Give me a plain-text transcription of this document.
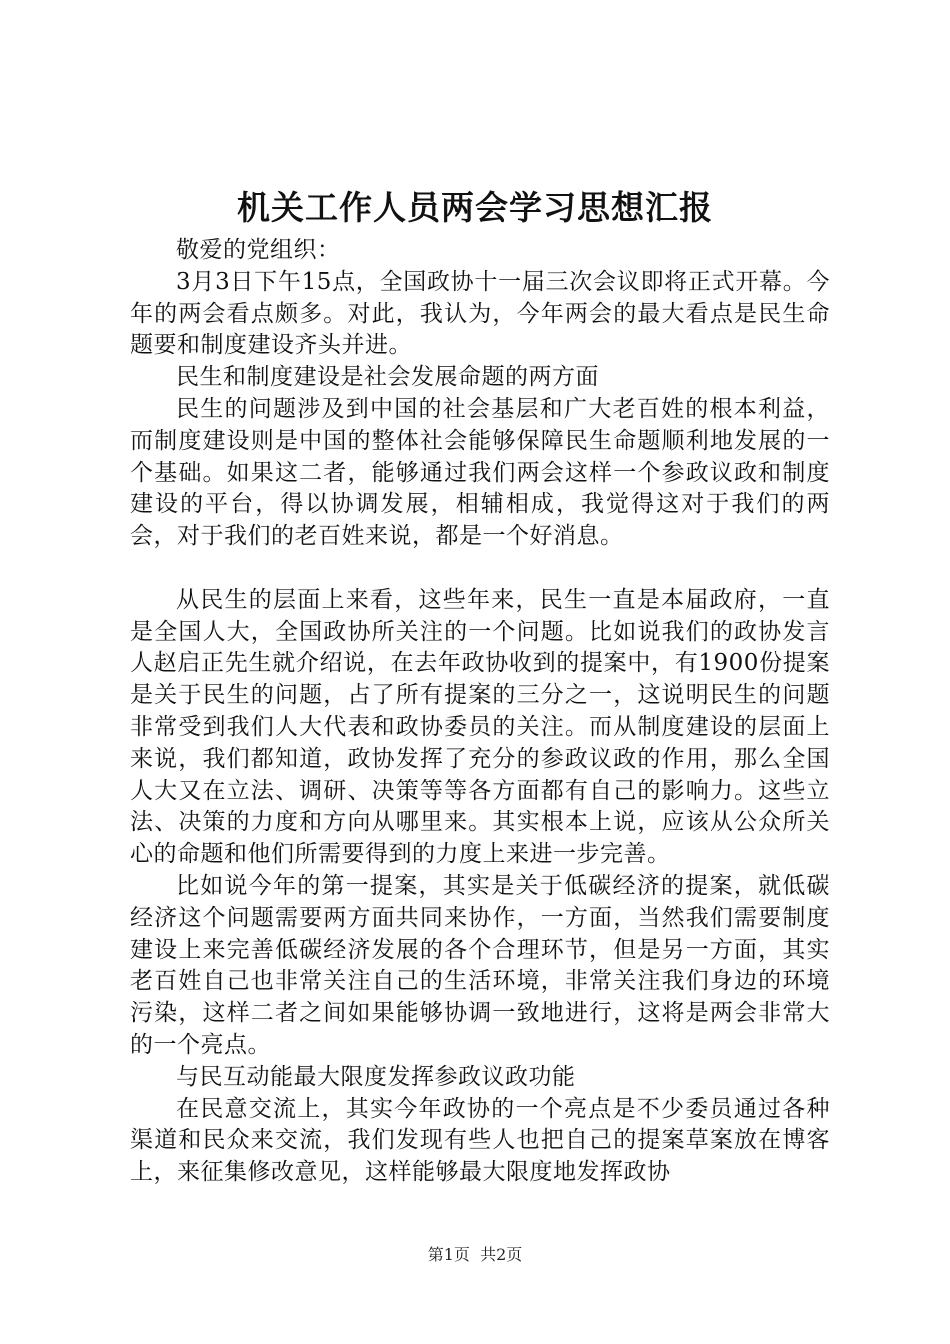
机关工作人员两会学习思想汇报

敬爱的党组织：

3月3日下午15点，全国政协十一届三次会议即将正式开幕。今年的两会看点颇多。对此，我认为，今年两会的最大看点是民生命题要和制度建设齐头并进。

民生和制度建设是社会发展命题的两方面

民生的问题涉及到中国的社会基层和广大老百姓的根本利益，而制度建设则是中国的整体社会能够保障民生命题顺利地发展的一个基础。如果这二者，能够通过我们两会这样一个参政议政和制度建设的平台，得以协调发展，相辅相成，我觉得这对于我们的两会，对于我们的老百姓来说，都是一个好消息。

从民生的层面上来看，这些年来，民生一直是本届政府，一直是全国人大，全国政协所关注的一个问题。比如说我们的政协发言人赵启正先生就介绍说，在去年政协收到的提案中，有1900份提案是关于民生的问题，占了所有提案的三分之一，这说明民生的问题非常受到我们人大代表和政协委员的关注。而从制度建设的层面上来说，我们都知道，政协发挥了充分的参政议政的作用，那么全国人大又在立法、调研、决策等等各方面都有自己的影响力。这些立法、决策的力度和方向从哪里来。其实根本上说，应该从公众所关心的命题和他们所需要得到的力度上来进一步完善。

比如说今年的第一提案，其实是关于低碳经济的提案，就低碳经济这个问题需要两方面共同来协作，一方面，当然我们需要制度建设上来完善低碳经济发展的各个合理环节，但是另一方面，其实老百姓自己也非常关注自己的生活环境，非常关注我们身边的环境污染，这样二者之间如果能够协调一致地进行，这将是两会非常大的一个亮点。

与民互动能最大限度发挥参政议政功能

在民意交流上，其实今年政协的一个亮点是不少委员通过各种渠道和民众来交流，我们发现有些人也把自己的提案草案放在博客上，来征集修改意见，这样能够最大限度地发挥政协

第1页 共2页
